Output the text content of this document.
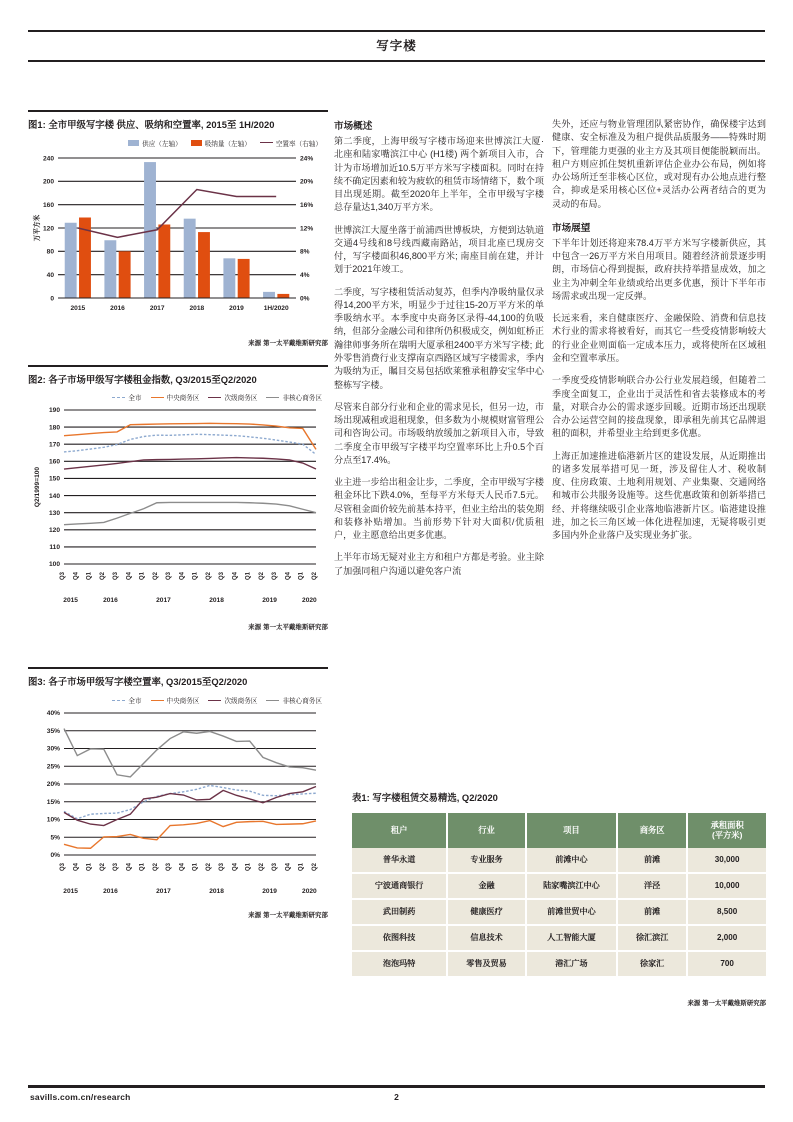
写字楼
图1: 全市甲级写字楼 供应、吸纳和空置率, 2015至 1H/2020
供应（左轴）	吸纳量（左轴）	空置率（右轴）
0
40
80
120
160
200
240
0%
4%
8%
12%
16%
20%
24%
2015	2016	2017	2018	2019	1H/2020
万平方米
来源 第一太平戴维斯研究部
图2: 各子市场甲级写字楼租金指数, Q3/2015至Q2/2020
全市	中央商务区	次级商务区	非核心商务区
100
110
120
130
140
150
160
170
180
190
Q3 Q4 Q1 Q2 Q3 Q4 Q1 Q2 Q3 Q4 Q1 Q2 Q3 Q4 Q1 Q2 Q3 Q4 Q1 Q2
2015	2016	2017	2018	2019	2020
Q2/1999=100
来源 第一太平戴维斯研究部
图3: 各子市场甲级写字楼空置率, Q3/2015至Q2/2020
全市	中央商务区	次级商务区	非核心商务区
0%
5%
10%
15%
20%
25%
30%
35%
40%
Q3 Q4 Q1 Q2 Q3 Q4 Q1 Q2 Q3 Q4 Q1 Q2 Q3 Q4 Q1 Q2 Q3 Q4 Q1 Q2
2015	2016	2017	2018	2019	2020
来源 第一太平戴维斯研究部
市场概述

第二季度，上海甲级写字楼市场迎来世博滨江大厦·北座和陆家嘴滨江中心 (H1楼) 两个新项目入市，合计为市场增加近10.5万平方米写字楼面积。同时在持续不确定因素和较为疲软的租赁市场情绪下，数个项目出现延期。截至2020年上半年，全市甲级写字楼总存量达1,340万平方米。

世博滨江大厦坐落于前浦西世博板块，方便到达轨道交通4号线和8号线西藏南路站，项目北座已现房交付，写字楼面积46,800平方米; 南座目前在建，并计划于2021年竣工。

二季度，写字楼租赁活动复苏，但季内净吸纳量仅录得14,200平方米，明显少于过往15-20万平方米的单季吸纳水平。本季度中央商务区录得-44,100的负吸纳，但部分金融公司和律所仍积极成交，例如虹桥正瀚律师事务所在瑞明大厦承租2400平方米写字楼; 此外零售消费行业支撑南京西路区域写字楼需求，季内为吸纳为正，瞩目交易包括欧莱雅承租静安宝华中心整栋写字楼。

尽管来自部分行业和企业的需求见长，但另一边，市场出现减租或退租现象，但多数为小规模财富管理公司和咨询公司。市场吸纳放缓加之新项目入市，导致二季度全市甲级写字楼平均空置率环比上升0.5个百分点至17.4%。

业主进一步给出租金让步，二季度，全市甲级写字楼租金环比下跌4.0%，至每平方米每天人民币7.5元。尽管租金面价较先前基本持平，但业主给出的装免期和装修补贴增加。当前形势下针对大面积/优质租户，业主愿意给出更多优惠。

上半年市场无疑对业主方和租户方都是考验。业主除了加强同租户沟通以避免客户流

失外，还应与物业管理团队紧密协作，确保楼宇达到健康、安全标准及为租户提供品质服务——特殊时期下，管理能力更强的业主方及其项目便能脱颖而出。租户方则应抓住契机重新评估企业办公布局，例如将办公场所迁至非核心区位，或对现有办公地点进行整合，抑或是采用核心区位+灵活办公两者结合的更为灵动的布局。

市场展望

下半年计划还将迎来78.4万平方米写字楼新供应，其中包含一26万平方米自用项目。随着经济前景逐步明朗，市场信心得到提振，政府扶持举措显成效，加之业主为冲刺全年业绩或给出更多优惠，预计下半年市场需求或出现一定反弹。

长远来看，来自健康医疗、金融保险、消费和信息技术行业的需求将被看好，而其它一些受疫情影响较大的行业企业则面临一定成本压力，或将使所在区域租金和空置率承压。

一季度受疫情影响联合办公行业发展趋缓，但随着二季度全面复工，企业出于灵活性和省去装修成本的考量，对联合办公的需求逐步回暖。近期市场还出现联合办公运营空间的接盘现象，即承租先前其它品牌退租的面积，并希望业主给到更多优惠。

上海正加速推进临港新片区的建设发展，从近期推出的诸多发展举措可见一斑，涉及留住人才、税收制度、住房政策、土地利用规划、产业集聚、交通网络和城市公共服务设施等。这些优惠政策和创新举措已经、并将继续吸引企业落地临港新片区。临港建设推进，加之长三角区域一体化进程加速，无疑将吸引更多国内外企业落户及实现业务扩张。

表1: 写字楼租赁交易精选, Q2/2020
租户	行业	项目	商务区	承租面积
(平方米)
普华永道	专业服务	前滩中心	前滩	30,000
宁波通商银行	金融	陆家嘴滨江中心	洋泾	10,000
武田制药	健康医疗	前滩世贸中心	前滩	8,500
依图科技	信息技术	人工智能大厦	徐汇滨江	2,000
泡泡玛特	零售及贸易	港汇广场	徐家汇	700
来源 第一太平戴维斯研究部
savills.com.cn/research	2
